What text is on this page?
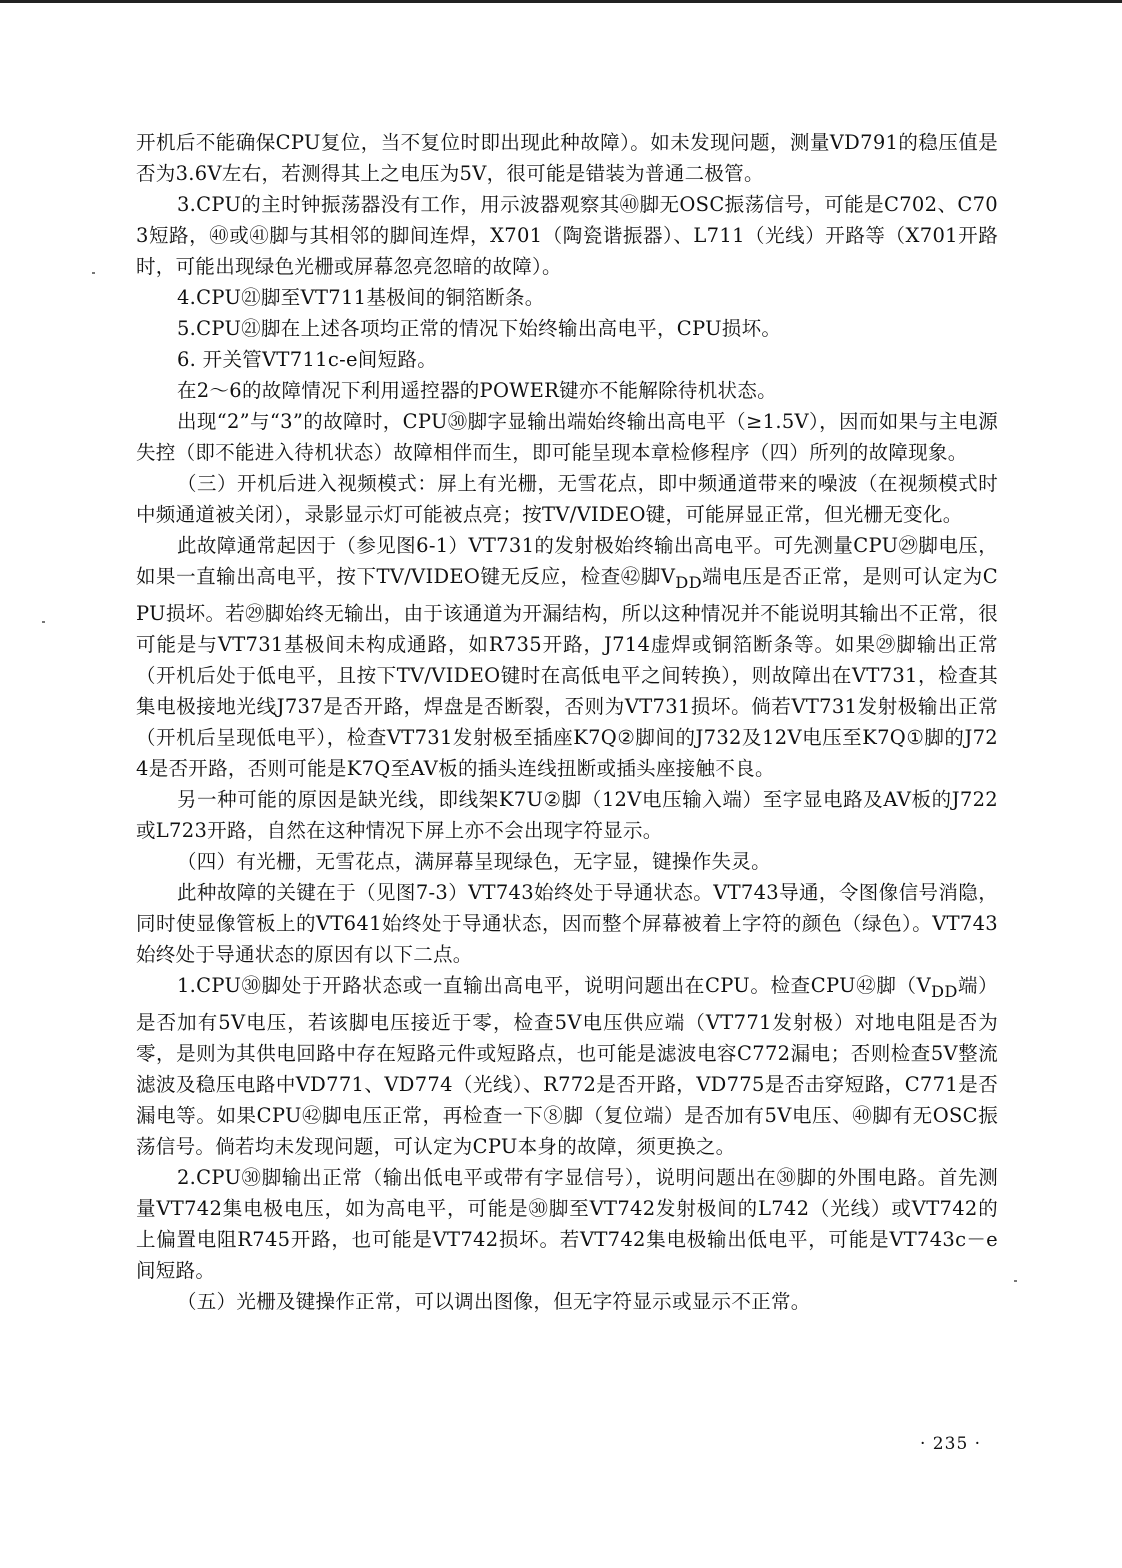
开机后不能确保CPU复位，当不复位时即出现此种故障）。如未发现问题，测量VD791的稳压值是否为3.6V左右，若测得其上之电压为5V，很可能是错装为普通二极管。

3.CPU的主时钟振荡器没有工作，用示波器观察其㊵脚无OSC振荡信号，可能是C702、C703短路，㊵或㊶脚与其相邻的脚间连焊，X701（陶瓷谐振器）、L711（光线）开路等（X701开路时，可能出现绿色光栅或屏幕忽亮忽暗的故障）。

4.CPU㉑脚至VT711基极间的铜箔断条。

5.CPU㉑脚在上述各项均正常的情况下始终输出高电平，CPU损坏。

6. 开关管VT711c-e间短路。

在2～6的故障情况下利用遥控器的POWER键亦不能解除待机状态。

出现“2”与“3”的故障时，CPU㉚脚字显输出端始终输出高电平（≥1.5V），因而如果与主电源失控（即不能进入待机状态）故障相伴而生，即可能呈现本章检修程序（四）所列的故障现象。

（三）开机后进入视频模式：屏上有光栅，无雪花点，即中频通道带来的噪波（在视频模式时中频通道被关闭），录影显示灯可能被点亮；按TV/VIDEO键，可能屏显正常，但光栅无变化。

此故障通常起因于（参见图6-1）VT731的发射极始终输出高电平。可先测量CPU㉙脚电压，如果一直输出高电平，按下TV/VIDEO键无反应，检查㊷脚$V_{DD}$端电压是否正常，是则可认定为CPU损坏。若㉙脚始终无输出，由于该通道为开漏结构，所以这种情况并不能说明其输出不正常，很可能是与VT731基极间未构成通路，如R735开路，J714虚焊或铜箔断条等。如果㉙脚输出正常（开机后处于低电平，且按下TV/VIDEO键时在高低电平之间转换），则故障出在VT731，检查其集电极接地光线J737是否开路，焊盘是否断裂，否则为VT731损坏。倘若VT731发射极输出正常（开机后呈现低电平），检查VT731发射极至插座K7Q②脚间的J732及12V电压至K7Q①脚的J724是否开路，否则可能是K7Q至AV板的插头连线扭断或插头座接触不良。

另一种可能的原因是缺光线，即线架K7U②脚（12V电压输入端）至字显电路及AV板的J722或L723开路，自然在这种情况下屏上亦不会出现字符显示。

（四）有光栅，无雪花点，满屏幕呈现绿色，无字显，键操作失灵。

此种故障的关键在于（见图7-3）VT743始终处于导通状态。VT743导通，令图像信号消隐，同时使显像管板上的VT641始终处于导通状态，因而整个屏幕被着上字符的颜色（绿色）。VT743始终处于导通状态的原因有以下二点。

1.CPU㉚脚处于开路状态或一直输出高电平，说明问题出在CPU。检查CPU㊷脚（$V_{DD}$端）是否加有5V电压，若该脚电压接近于零，检查5V电压供应端（VT771发射极）对地电阻是否为零，是则为其供电回路中存在短路元件或短路点，也可能是滤波电容C772漏电；否则检查5V整流滤波及稳压电路中VD771、VD774（光线）、R772是否开路，VD775是否击穿短路，C771是否漏电等。如果CPU㊷脚电压正常，再检查一下⑧脚（复位端）是否加有5V电压、㊵脚有无OSC振荡信号。倘若均未发现问题，可认定为CPU本身的故障，须更换之。

2.CPU㉚脚输出正常（输出低电平或带有字显信号），说明问题出在㉚脚的外围电路。首先测量VT742集电极电压，如为高电平，可能是㉚脚至VT742发射极间的L742（光线）或VT742的上偏置电阻R745开路，也可能是VT742损坏。若VT742集电极输出低电平，可能是VT743c－e间短路。

（五）光栅及键操作正常，可以调出图像，但无字符显示或显示不正常。

· 235 ·
